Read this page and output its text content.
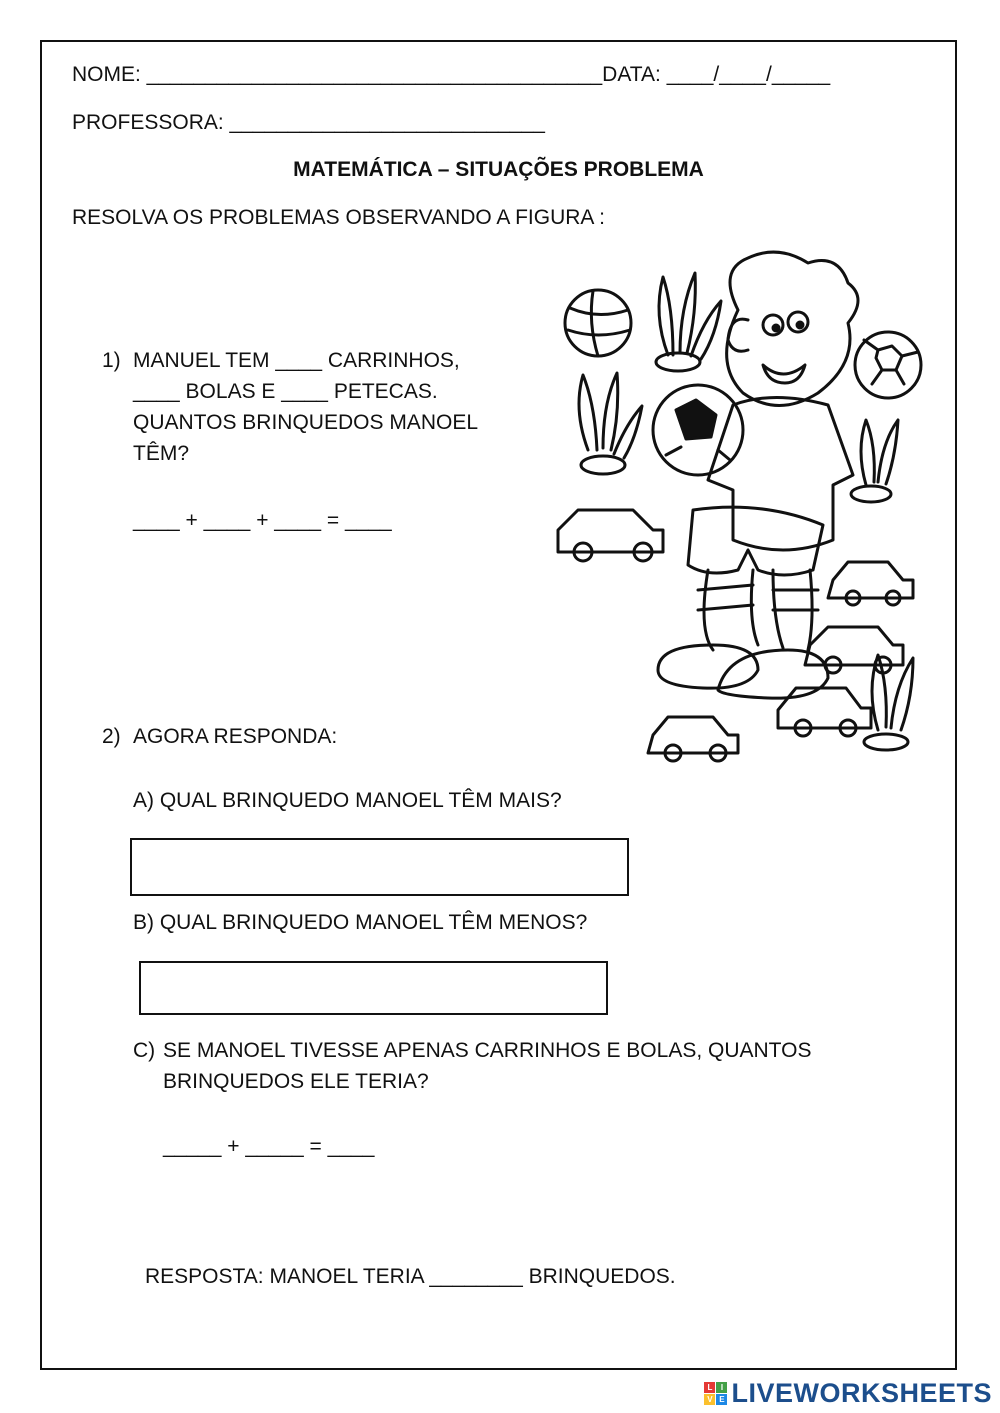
NOME: _______________________________________DATA: ____/____/_____
PROFESSORA: ___________________________
MATEMÁTICA – SITUAÇÕES PROBLEMA
RESOLVA OS PROBLEMAS OBSERVANDO A FIGURA :
1) MANUEL TEM ____ CARRINHOS,
____ BOLAS E ____ PETECAS.
QUANTOS BRINQUEDOS MANOEL
TÊM?
____ + ____ + ____ = ____
2) AGORA RESPONDA:
A) QUAL BRINQUEDO MANOEL TÊM MAIS?
B) QUAL BRINQUEDO MANOEL TÊM MENOS?
C) SE MANOEL TIVESSE APENAS CARRINHOS E BOLAS, QUANTOS
BRINQUEDOS ELE TERIA?
_____ + _____ = ____
RESPOSTA: MANOEL TERIA ________ BRINQUEDOS.
L	I
V E LIVEWORKSHEETS
